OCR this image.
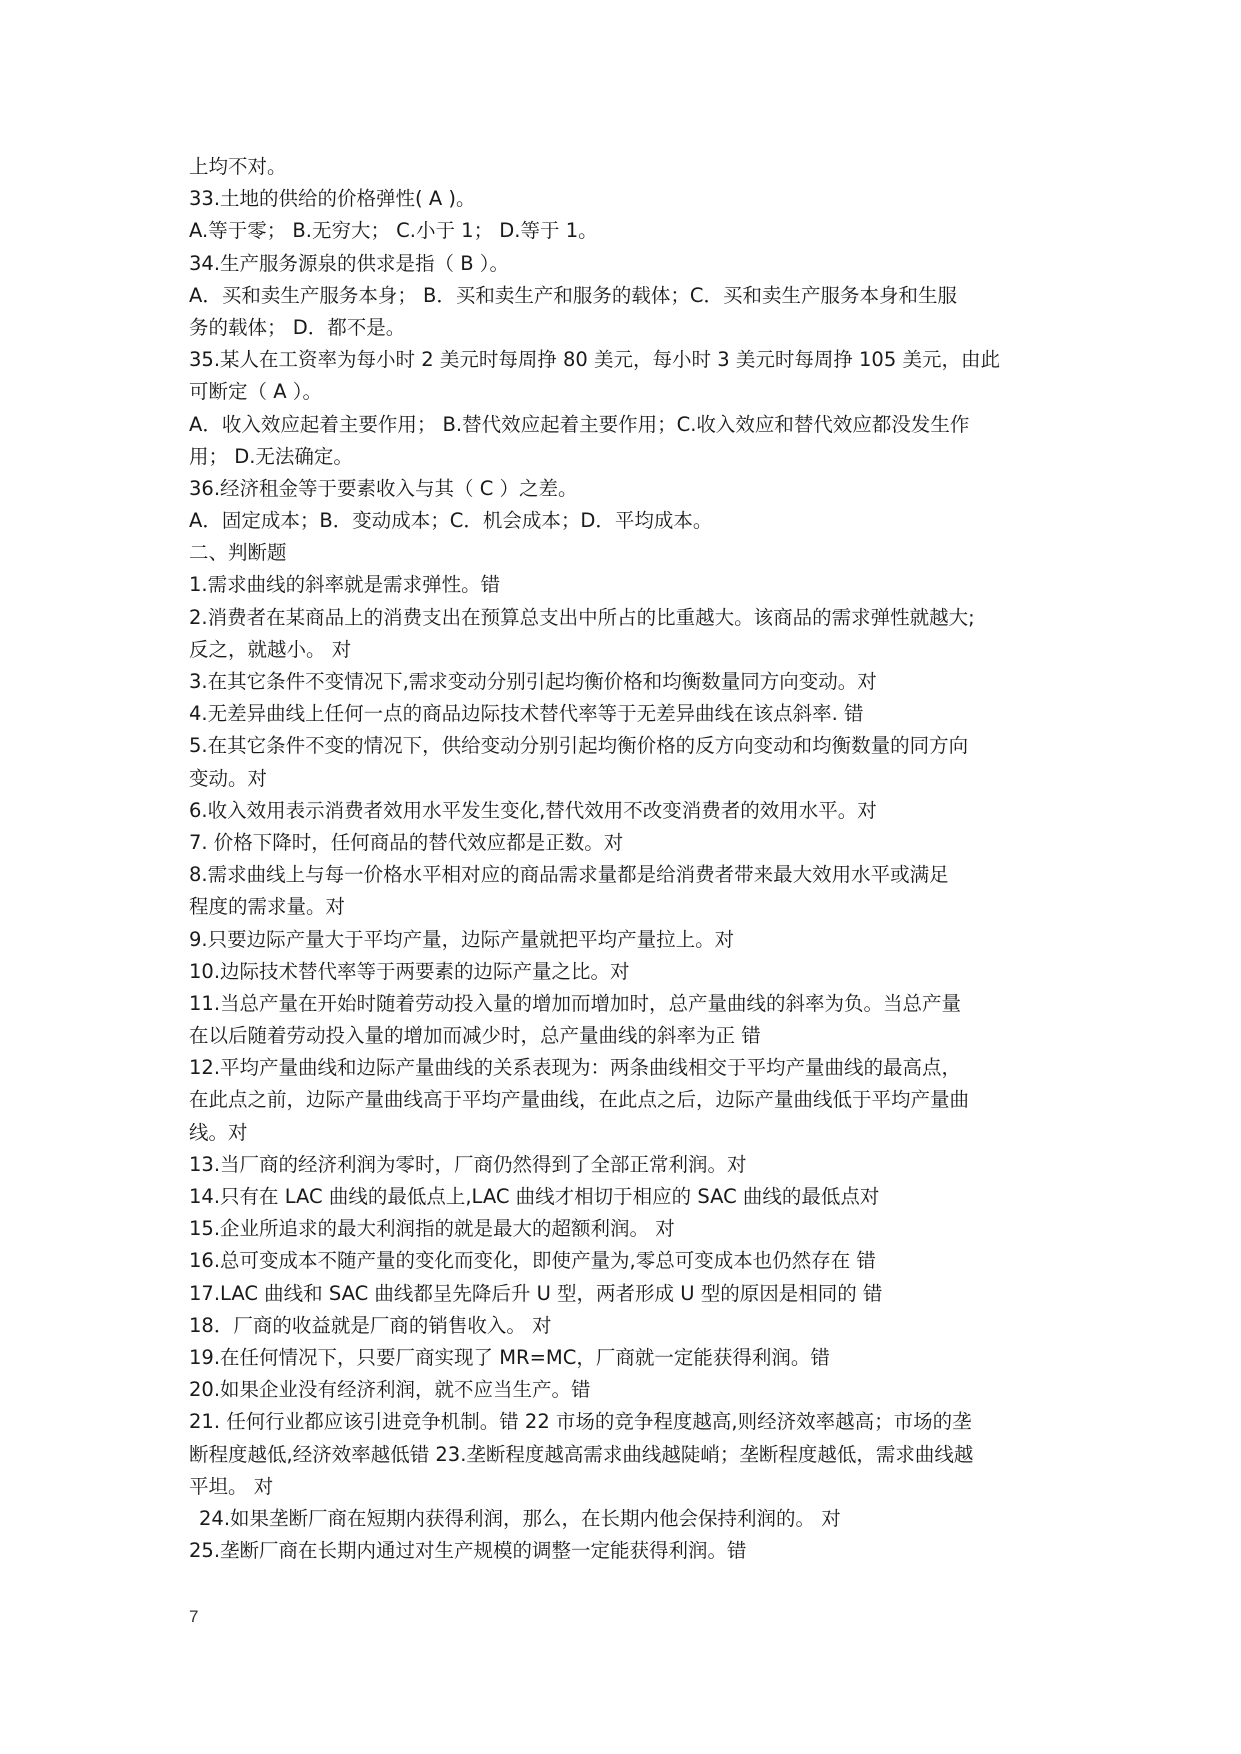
上均不对。
33.土地的供给的价格弹性( A )。
A.等于零； B.无穷大； C.小于 1； D.等于 1。
34.生产服务源泉的供求是指（ B ）。
A．买和卖生产服务本身； B．买和卖生产和服务的载体；C．买和卖生产服务本身和生服
务的载体； D．都不是。
35.某人在工资率为每小时 2 美元时每周挣 80 美元，每小时 3 美元时每周挣 105 美元，由此
可断定（ A ）。
A．收入效应起着主要作用； B.替代效应起着主要作用；C.收入效应和替代效应都没发生作
用； D.无法确定。
36.经济租金等于要素收入与其（ C ）之差。
A．固定成本；B．变动成本；C．机会成本；D．平均成本。
二、判断题
1.需求曲线的斜率就是需求弹性。错
2.消费者在某商品上的消费支出在预算总支出中所占的比重越大。该商品的需求弹性就越大;
反之，就越小。 对
3.在其它条件不变情况下,需求变动分别引起均衡价格和均衡数量同方向变动。对
4.无差异曲线上任何一点的商品边际技术替代率等于无差异曲线在该点斜率. 错
5.在其它条件不变的情况下，供给变动分别引起均衡价格的反方向变动和均衡数量的同方向
变动。对
6.收入效用表示消费者效用水平发生变化,替代效用不改变消费者的效用水平。对
7. 价格下降时，任何商品的替代效应都是正数。对
8.需求曲线上与每一价格水平相对应的商品需求量都是给消费者带来最大效用水平或满足
程度的需求量。对
9.只要边际产量大于平均产量，边际产量就把平均产量拉上。对
10.边际技术替代率等于两要素的边际产量之比。对
11.当总产量在开始时随着劳动投入量的增加而增加时，总产量曲线的斜率为负。当总产量
在以后随着劳动投入量的增加而减少时，总产量曲线的斜率为正 错
12.平均产量曲线和边际产量曲线的关系表现为：两条曲线相交于平均产量曲线的最高点，
在此点之前，边际产量曲线高于平均产量曲线，在此点之后，边际产量曲线低于平均产量曲
线。对
13.当厂商的经济利润为零时，厂商仍然得到了全部正常利润。对
14.只有在 LAC 曲线的最低点上,LAC 曲线才相切于相应的 SAC 曲线的最低点对
15.企业所追求的最大利润指的就是最大的超额利润。 对
16.总可变成本不随产量的变化而变化，即使产量为,零总可变成本也仍然存在 错
17.LAC 曲线和 SAC 曲线都呈先降后升 U 型，两者形成 U 型的原因是相同的 错
18．厂商的收益就是厂商的销售收入。 对
19.在任何情况下，只要厂商实现了 MR=MC，厂商就一定能获得利润。错
20.如果企业没有经济利润，就不应当生产。错
21. 任何行业都应该引进竞争机制。错 22 市场的竞争程度越高,则经济效率越高；市场的垄
断程度越低,经济效率越低错 23.垄断程度越高需求曲线越陡峭；垄断程度越低，需求曲线越
平坦。 对
24.如果垄断厂商在短期内获得利润，那么，在长期内他会保持利润的。 对
25.垄断厂商在长期内通过对生产规模的调整一定能获得利润。错
7
